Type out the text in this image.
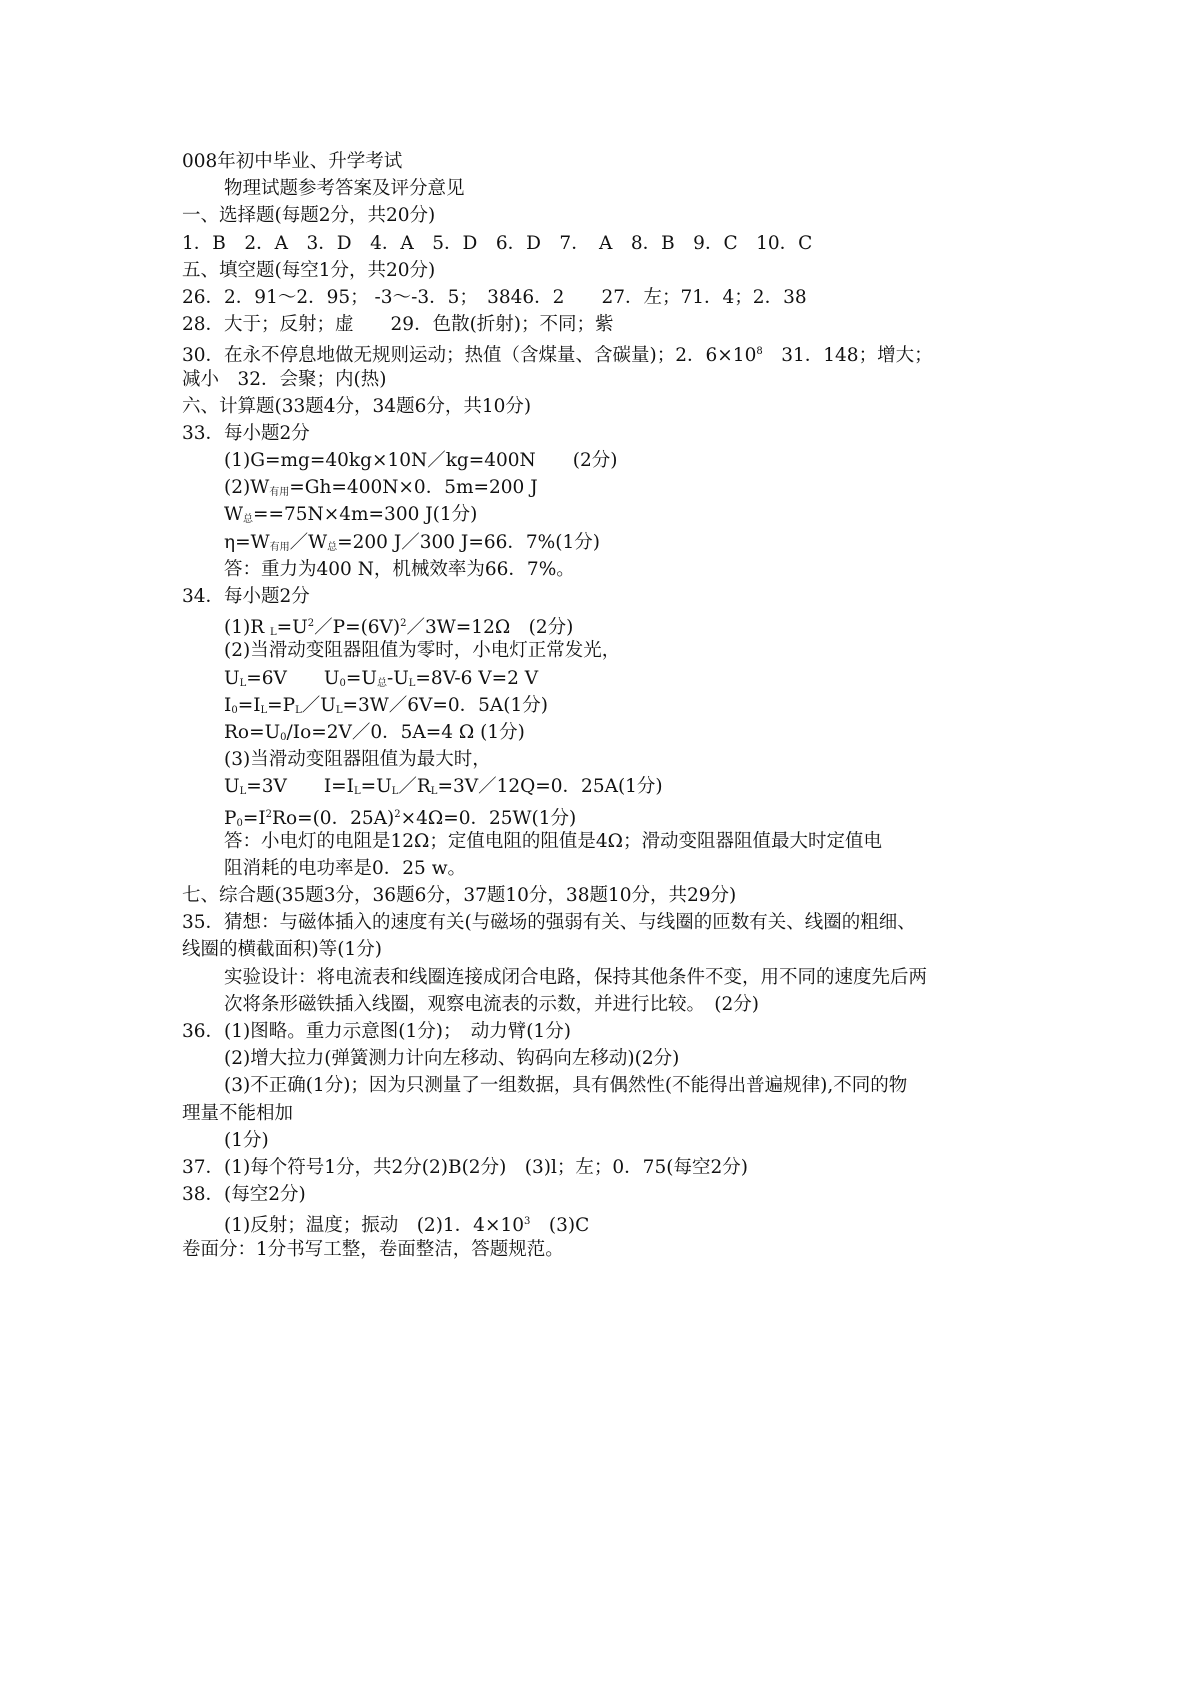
008年初中毕业、升学考试
物理试题参考答案及评分意见
一、选择题(每题2分，共20分)
1．B　2．A　3．D　4．A　5．D　6．D　7．　A　8．B　9．C　10．C
五、填空题(每空1分，共20分)
26．2．91～2．95； -3～-3．5；　3846．2　　27．左；71．4；2．38
28．大于；反射；虚　　29．色散(折射)；不同；紫
30．在永不停息地做无规则运动；热值（含煤量、含碳量)；2．$6\times 10^8$　31．148；增大；
减小　32．会聚；内(热)
六、计算题(33题4分，34题6分，共10分)
33．每小题2分
(1)G=mg=40kg×10N／kg=400N　　(2分)
$(2)W_{有用}=Gh=400N\times 0$．5m=200 J
$W_总==75N\times 4m=300$ J(1分)
$\eta=W_{有用}/W_总=200$ J／300 J=66．7%(1分)
答：重力为400 N，机械效率为66．7%。
34．每小题2分
(1)R $_L=U^2/P=(6V)^2/3W=12\Omega$　(2分)
(2)当滑动变阻器阻值为零时，小电灯正常发光，
$U_L=6V$　　$U_0=U_总-U_L=8V-6$ V=2 V
$I_0=I_L=P_L/U_L=3W/6V=0$．5A(1分)
$Ro=U_0/Io=2V/0$．5A=4 Ω (1分)
(3)当滑动变阻器阻值为最大时，
$U_L=3V$　　$I=I_L=U_L/R_L=3V/12Q=0$．25A(1分)
$P_0=I^2Ro=(0$．25A)$^2$×4Ω=0．25W(1分)
答：小电灯的电阻是12Ω；定值电阻的阻值是4Ω；滑动变阻器阻值最大时定值电
阻消耗的电功率是0．25 w。
七、综合题(35题3分，36题6分，37题10分，38题10分，共29分)
35．猜想：与磁体插入的速度有关(与磁场的强弱有关、与线圈的匝数有关、线圈的粗细、
线圈的横截面积)等(1分)
实验设计：将电流表和线圈连接成闭合电路，保持其他条件不变，用不同的速度先后两
次将条形磁铁插入线圈，观察电流表的示数，并进行比较。　(2分)
36．(1)图略。重力示意图(1分)；　动力臂(1分)
(2)增大拉力(弹簧测力计向左移动、钩码向左移动)(2分)
(3)不正确(1分)；因为只测量了一组数据，具有偶然性(不能得出普遍规律),不同的物
理量不能相加
(1分)
37．(1)每个符号1分，共2分(2)B(2分)　(3)l；左；0．75(每空2分)
38．(每空2分)
(1)反射；温度；振动　(2)1．$4\times 10^3$　(3)C
卷面分：1分书写工整，卷面整洁，答题规范。
